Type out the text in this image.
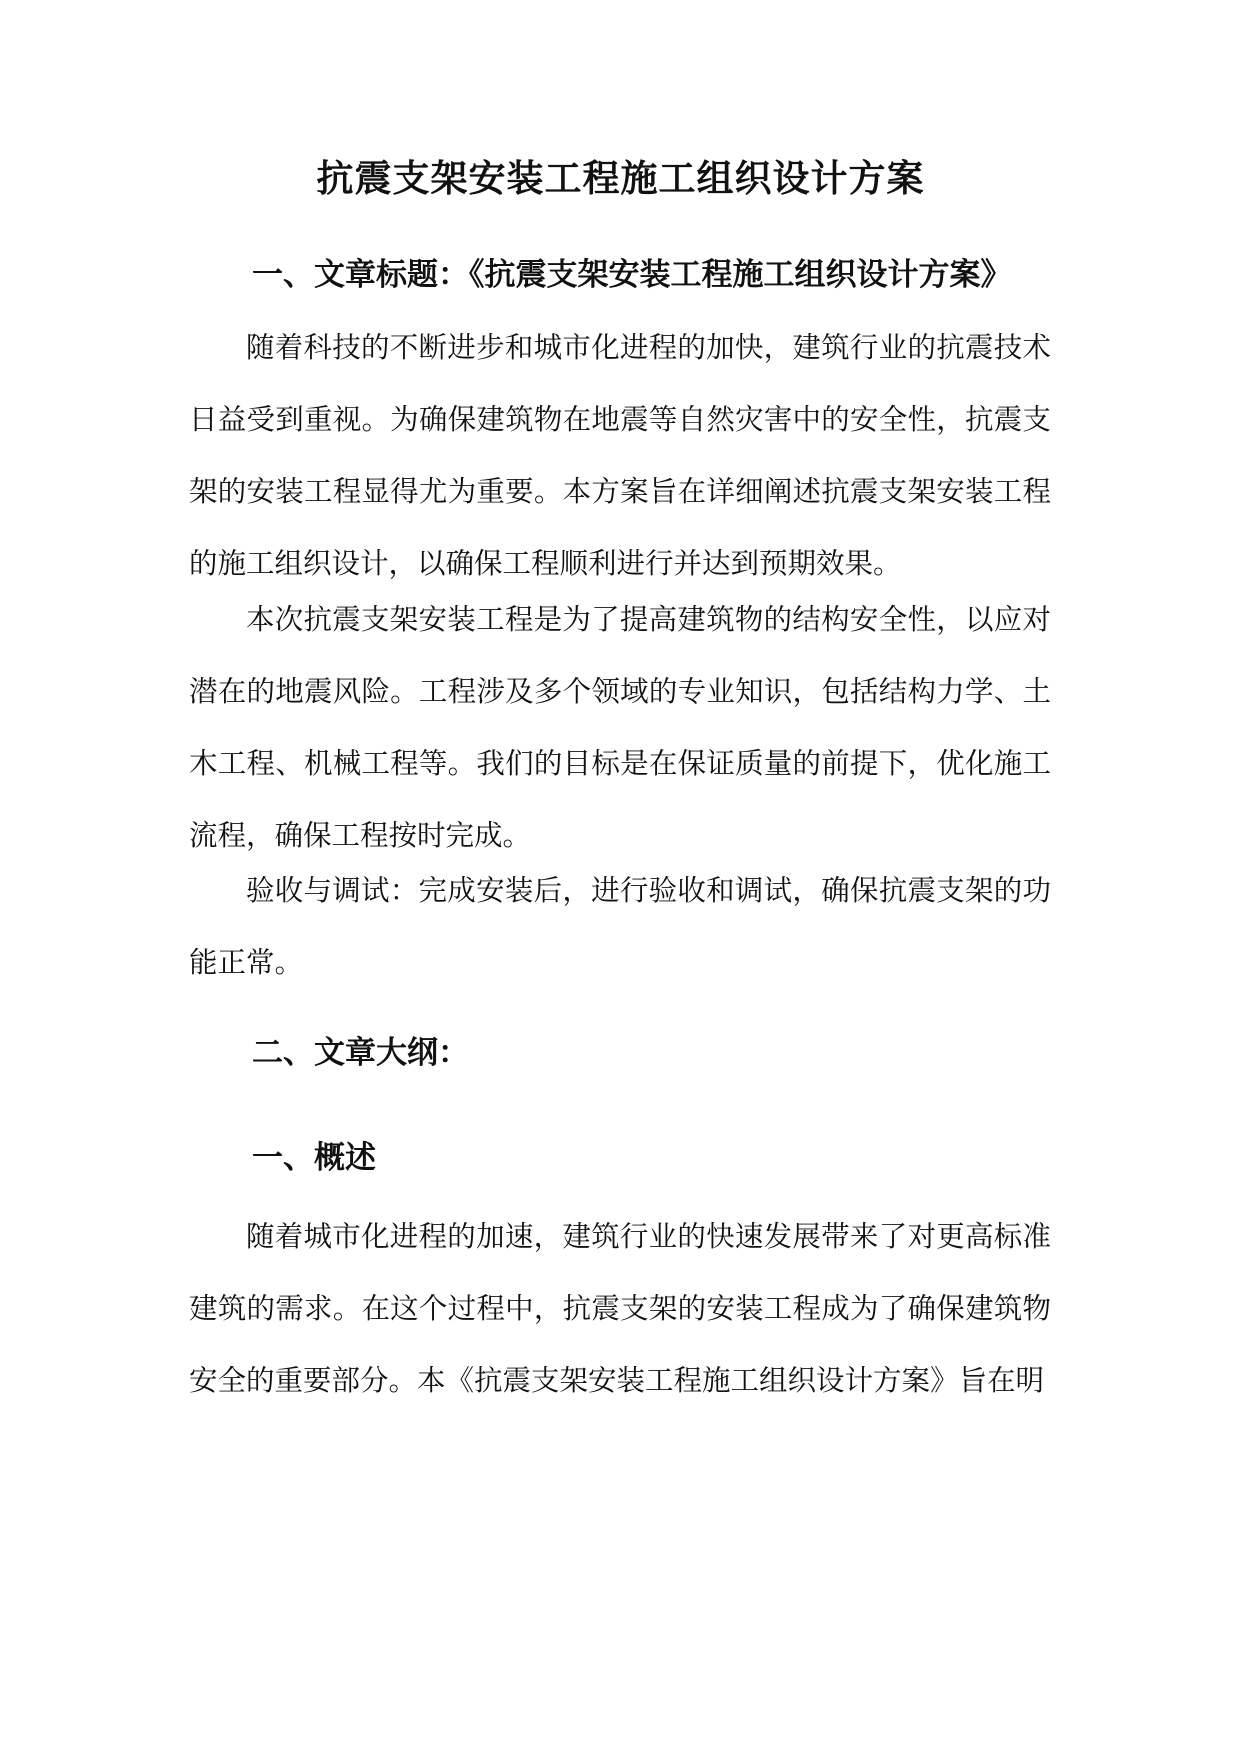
抗震支架安装工程施工组织设计方案
一、文章标题：《抗震支架安装工程施工组织设计方案》
随着科技的不断进步和城市化进程的加快，建筑行业的抗震技术日益受到重视。为确保建筑物在地震等自然灾害中的安全性，抗震支架的安装工程显得尤为重要。本方案旨在详细阐述抗震支架安装工程的施工组织设计，以确保工程顺利进行并达到预期效果。
本次抗震支架安装工程是为了提高建筑物的结构安全性，以应对潜在的地震风险。工程涉及多个领域的专业知识，包括结构力学、土木工程、机械工程等。我们的目标是在保证质量的前提下，优化施工流程，确保工程按时完成。
验收与调试：完成安装后，进行验收和调试，确保抗震支架的功能正常。
二、文章大纲：
一、概述
随着城市化进程的加速，建筑行业的快速发展带来了对更高标准建筑的需求。在这个过程中，抗震支架的安装工程成为了确保建筑物安全的重要部分。本《抗震支架安装工程施工组织设计方案》旨在明
